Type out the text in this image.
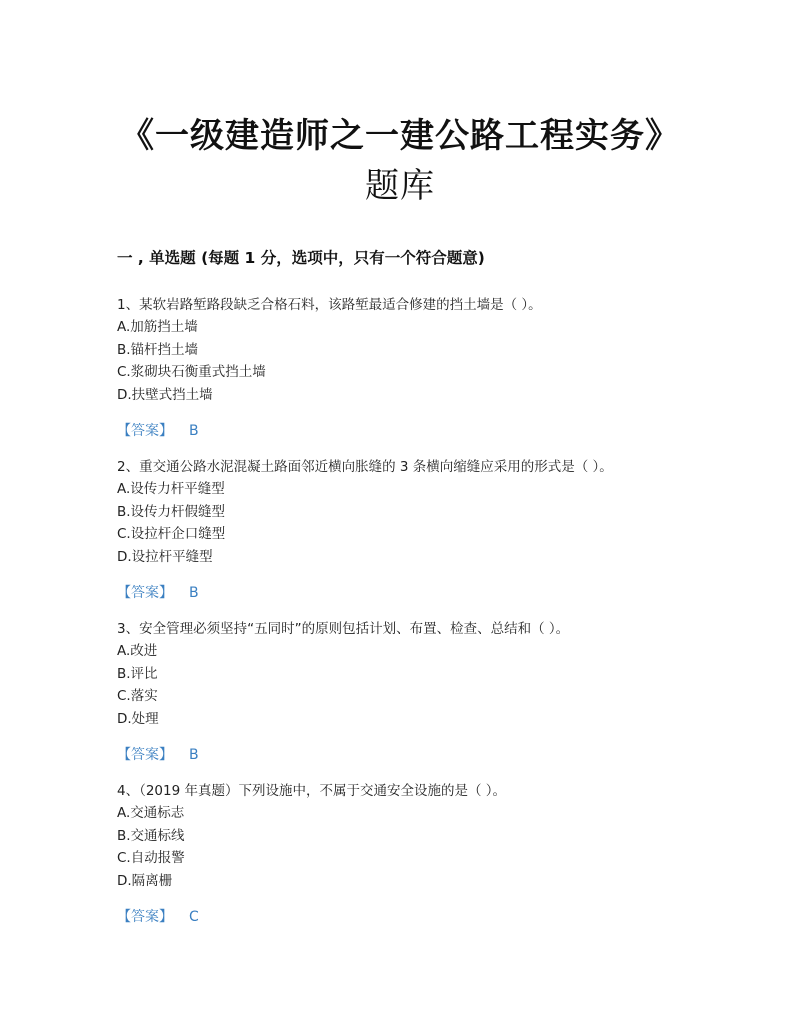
《一级建造师之一建公路工程实务》
题库
一 , 单选题 (每题 1 分，选项中，只有一个符合题意)
1、某软岩路堑路段缺乏合格石料，该路堑最适合修建的挡土墙是（ ）。
A.加筋挡土墙
B.锚杆挡土墙
C.浆砌块石衡重式挡土墙
D.扶壁式挡土墙
【答案】 B
2、重交通公路水泥混凝土路面邻近横向胀缝的 3 条横向缩缝应采用的形式是（ ）。
A.设传力杆平缝型
B.设传力杆假缝型
C.设拉杆企口缝型
D.设拉杆平缝型
【答案】 B
3、安全管理必须坚持“五同时”的原则包括计划、布置、检查、总结和（ ）。
A.改进
B.评比
C.落实
D.处理
【答案】 B
4、（2019 年真题）下列设施中，不属于交通安全设施的是（ ）。
A.交通标志
B.交通标线
C.自动报警
D.隔离栅
【答案】 C
